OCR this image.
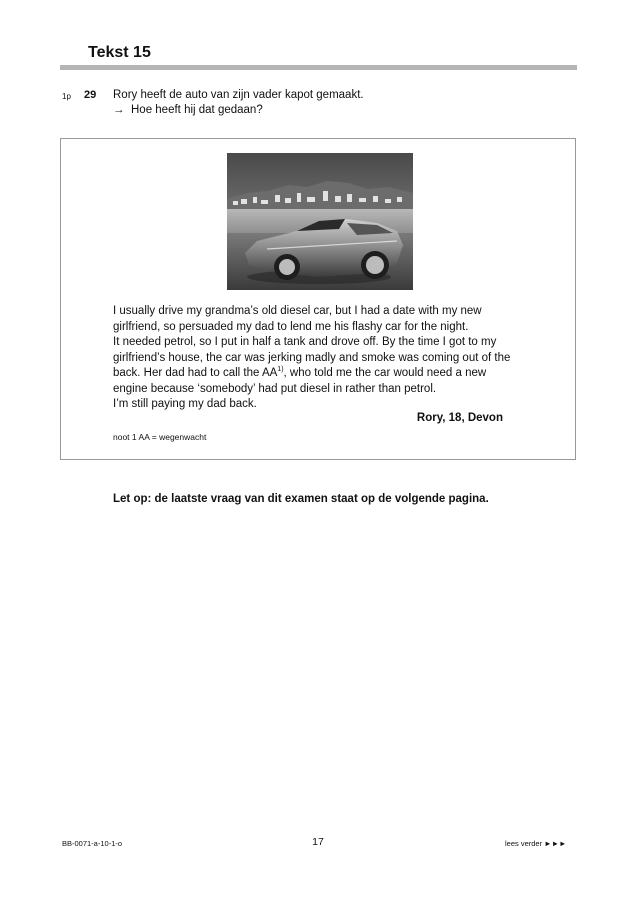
Tekst 15
1p 29 Rory heeft de auto van zijn vader kapot gemaakt.
→ Hoe heeft hij dat gedaan?

I usually drive my grandma’s old diesel car, but I had a date with my new

girlfriend, so persuaded my dad to lend me his flashy car for the night.

It needed petrol, so I put in half a tank and drove off. By the time I got to my

girlfriend’s house, the car was jerking madly and smoke was coming out of the

back. Her dad had to call the AA$^{1)}$, who told me the car would need a new

engine because ‘somebody’ had put diesel in rather than petrol.

I’m still paying my dad back.

Rory, 18, Devon
noot 1 AA = wegenwacht
Let op: de laatste vraag van dit examen staat op de volgende pagina.
BB-0071-a-10-1-o	17	lees verder ►►►
